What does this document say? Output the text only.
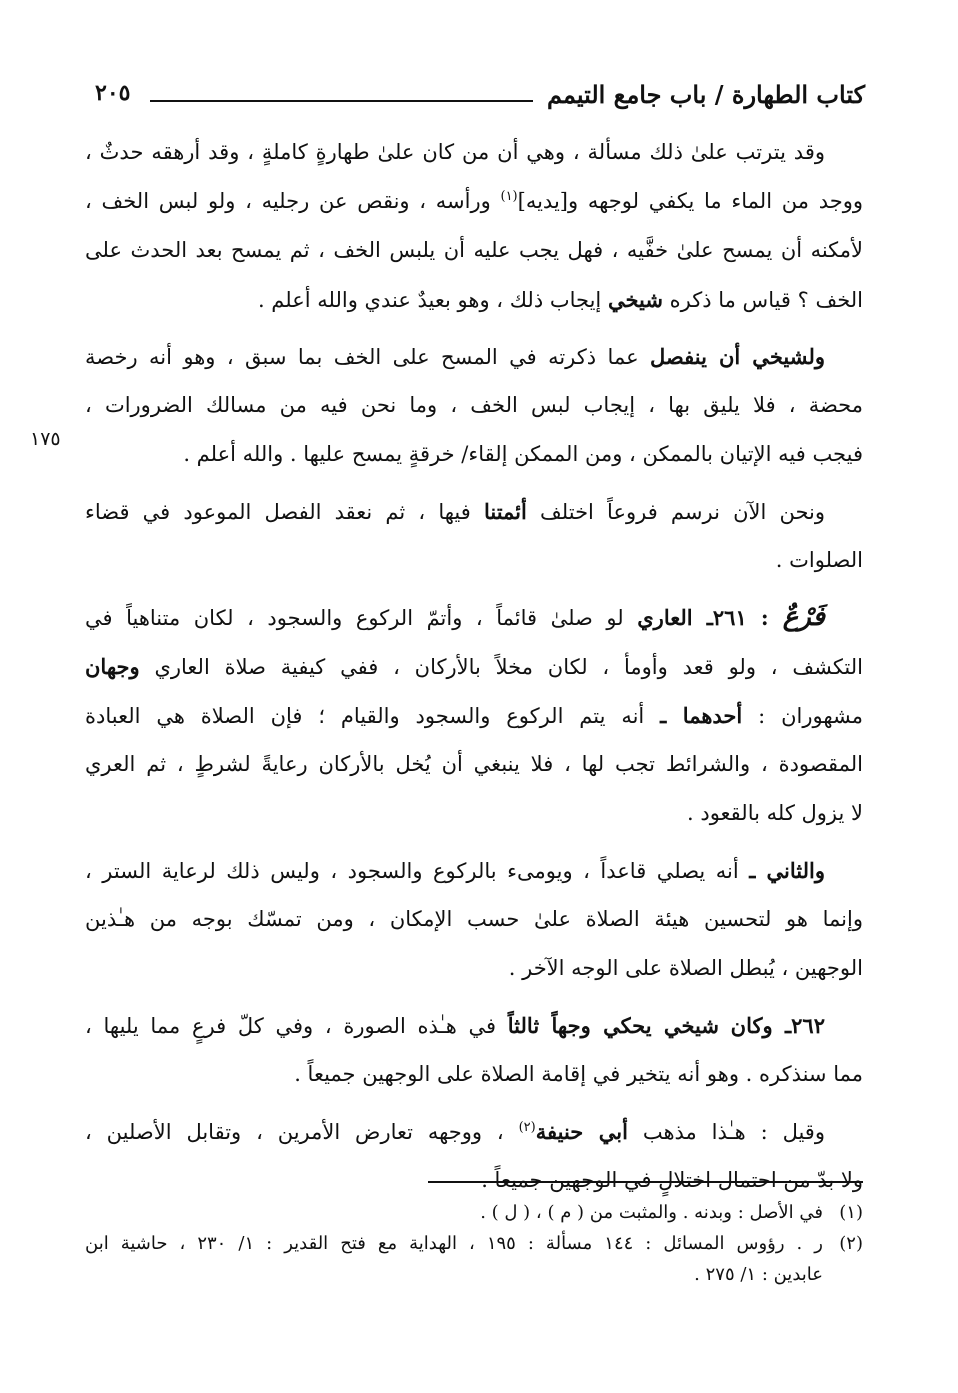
كتاب الطهارة / باب جامع التيمم
٢٠٥
١٧٥
وقد يترتب علىٰ ذلك مسألة ، وهي أن من كان علىٰ طهارةٍ كاملةٍ ، وقد أرهقه حدثٌ ،
ووجد من الماء ما يكفي لوجهه و[يديه]$^{(١)}$ ورأسه ، ونقص عن رجليه ، ولو لبس الخف ،
لأمكنه أن يمسح علىٰ خفَّيه ، فهل يجب عليه أن يلبس الخف ، ثم يمسح بعد الحدث على
الخف ؟ قياس ما ذكره شيخي إيجاب ذلك ، وهو بعيدٌ عندي والله أعلم .
ولشيخي أن ينفصل عما ذكرته في المسح على الخف بما سبق ، وهو أنه رخصة
محضة ، فلا يليق بها ، إيجاب لبس الخف ، وما نحن فيه من مسالك الضرورات ،
فيجب فيه الإتيان بالممكن ، ومن الممكن إلقاء/ خرقةٍ يمسح عليها . والله أعلم .
ونحن الآن نرسم فروعاً اختلف أئمتنا فيها ، ثم نعقد الفصل الموعود في قضاء
الصلوات .
فَرْعٌ: ٢٦١ـ العاري لو صلىٰ قائماً ، وأتمّ الركوع والسجود ، لكان متناهياً في
التكشف ، ولو قعد وأومأ ، لكان مخلاً بالأركان ، ففي كيفية صلاة العاري وجهان
مشهوران : أحدهما ـ أنه يتم الركوع والسجود والقيام ؛ فإن الصلاة هي العبادة
المقصودة ، والشرائط تجب لها ، فلا ينبغي أن يُخل بالأركان رعايةً لشرطٍ ، ثم العري
لا يزول كله بالقعود .
والثاني ـ أنه يصلي قاعداً ، ويومىء بالركوع والسجود ، وليس ذلك لرعاية الستر ،
وإنما هو لتحسين هيئة الصلاة علىٰ حسب الإمكان ، ومن تمسّك بوجه من هـٰذين
الوجهين ، يُبطل الصلاة على الوجه الآخر .
٢٦٢ـ وكان شيخي يحكي وجهاً ثالثاً في هـٰذه الصورة ، وفي كلّ فرعٍ مما يليها ،
مما سنذكره . وهو أنه يتخير في إقامة الصلاة على الوجهين جميعاً .
وقيل : هـٰذا مذهب أبي حنيفة$^{(٢)}$ ، ووجهه تعارض الأمرين ، وتقابل الأصلين ،
ولا بدّ من احتمال اختلالٍ في الوجهين جميعاً .
(١)في الأصل : وبدنه . والمثبت من ( م ) ، ( ل ) .
(٢)ر . رؤوس المسائل : ١٤٤ مسألة : ١٩٥ ، الهداية مع فتح القدير : ١/ ٢٣٠ ، حاشية ابن
عابدين : ١/ ٢٧٥ .
